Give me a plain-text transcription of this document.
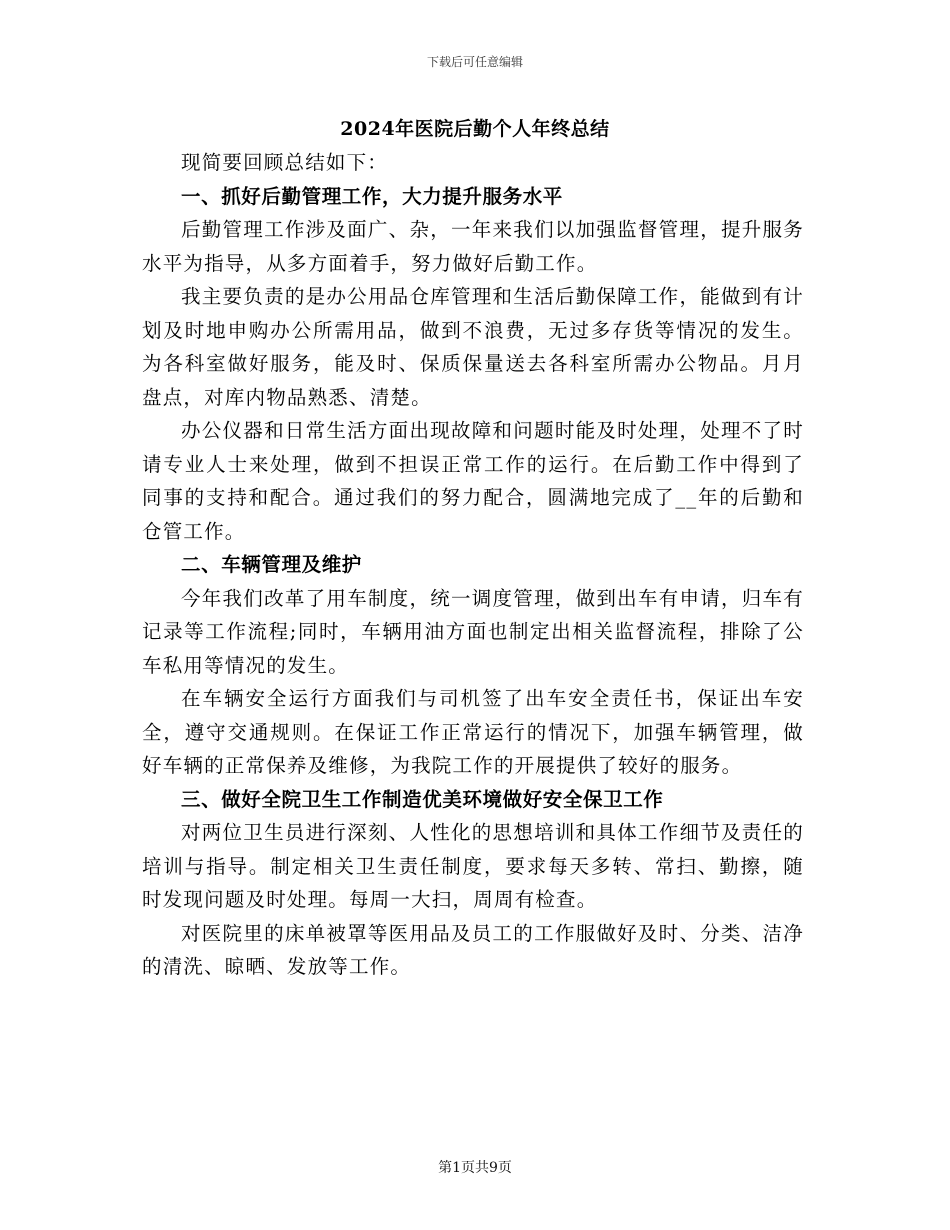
下载后可任意编辑
2024年医院后勤个人年终总结

现简要回顾总结如下：

一、抓好后勤管理工作，大力提升服务水平

后勤管理工作涉及面广、杂，一年来我们以加强监督管理，提升服务水平为指导，从多方面着手，努力做好后勤工作。

我主要负责的是办公用品仓库管理和生活后勤保障工作，能做到有计划及时地申购办公所需用品，做到不浪费，无过多存货等情况的发生。为各科室做好服务，能及时、保质保量送去各科室所需办公物品。月月盘点，对库内物品熟悉、清楚。

办公仪器和日常生活方面出现故障和问题时能及时处理，处理不了时请专业人士来处理，做到不担误正常工作的运行。在后勤工作中得到了同事的支持和配合。通过我们的努力配合，圆满地完成了__年的后勤和仓管工作。

二、车辆管理及维护

今年我们改革了用车制度，统一调度管理，做到出车有申请，归车有记录等工作流程;同时，车辆用油方面也制定出相关监督流程，排除了公车私用等情况的发生。

在车辆安全运行方面我们与司机签了出车安全责任书，保证出车安全，遵守交通规则。在保证工作正常运行的情况下，加强车辆管理，做好车辆的正常保养及维修，为我院工作的开展提供了较好的服务。

三、做好全院卫生工作制造优美环境做好安全保卫工作

对两位卫生员进行深刻、人性化的思想培训和具体工作细节及责任的培训与指导。制定相关卫生责任制度，要求每天多转、常扫、勤擦，随时发现问题及时处理。每周一大扫，周周有检查。

对医院里的床单被罩等医用品及员工的工作服做好及时、分类、洁净的清洗、晾晒、发放等工作。

第1页共9页
